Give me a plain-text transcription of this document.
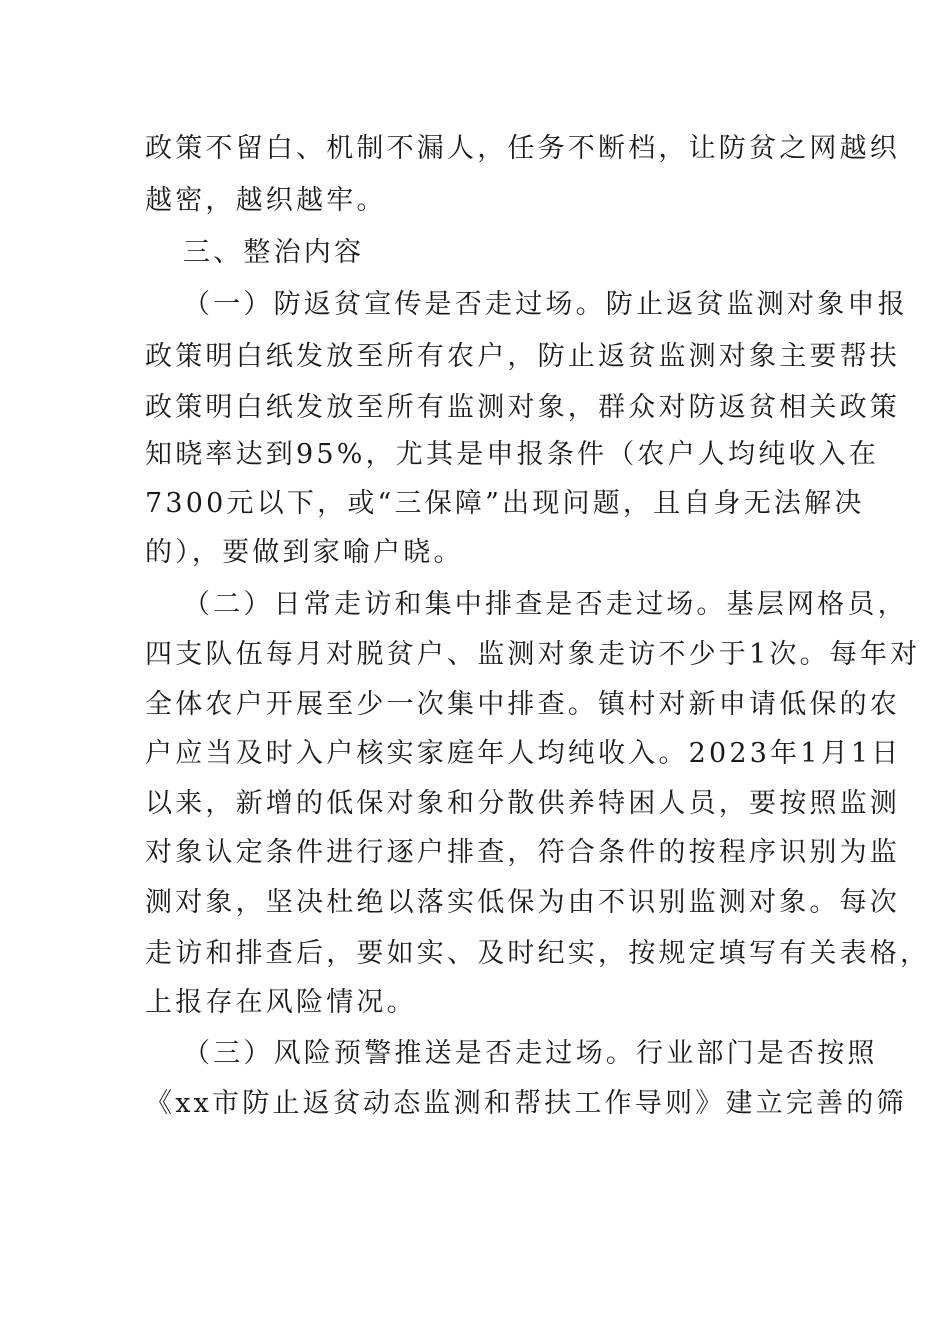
政策不留白、机制不漏人，任务不断档，让防贫之网越织

越密，越织越牢。

三、整治内容

（一）防返贫宣传是否走过场。防止返贫监测对象申报

政策明白纸发放至所有农户，防止返贫监测对象主要帮扶

政策明白纸发放至所有监测对象，群众对防返贫相关政策

知晓率达到95%，尤其是申报条件（农户人均纯收入在

7300元以下，或“三保障”出现问题，且自身无法解决

的），要做到家喻户晓。

（二）日常走访和集中排查是否走过场。基层网格员，

四支队伍每月对脱贫户、监测对象走访不少于1次。每年对

全体农户开展至少一次集中排查。镇村对新申请低保的农

户应当及时入户核实家庭年人均纯收入。2023年1月1日

以来，新增的低保对象和分散供养特困人员，要按照监测

对象认定条件进行逐户排查，符合条件的按程序识别为监

测对象，坚决杜绝以落实低保为由不识别监测对象。每次

走访和排查后，要如实、及时纪实，按规定填写有关表格，

上报存在风险情况。

（三）风险预警推送是否走过场。行业部门是否按照

《xx市防止返贫动态监测和帮扶工作导则》建立完善的筛
